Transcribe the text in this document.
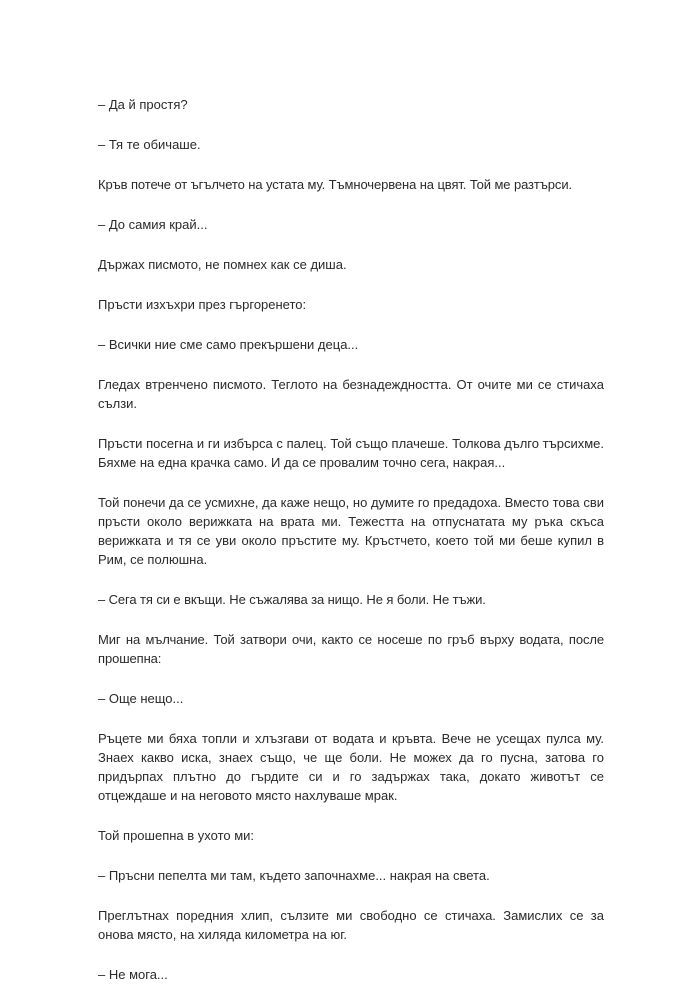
– Да й простя?

– Тя те обичаше.

Кръв потече от ъгълчето на устата му. Тъмночервена на цвят. Той ме разтърси.

– До самия край...

Държах писмото, не помнех как се диша.

Пръсти изхъхри през гъргоренето:

– Всички ние сме само прекършени деца...

Гледах втренчено писмото. Теглото на безнадеждността. От очите ми се стичаха сълзи.

Пръсти посегна и ги избърса с палец. Той също плачеше. Толкова дълго търсихме. Бяхме на една крачка само. И да се провалим точно сега, накрая...

Той понечи да се усмихне, да каже нещо, но думите го предадоха. Вместо това сви пръсти около верижката на врата ми. Тежестта на отпуснатата му ръка скъса верижката и тя се уви около пръстите му. Кръстчето, което той ми беше купил в Рим, се полюшна.

– Сега тя си е вкъщи. Не съжалява за нищо. Не я боли. Не тъжи.

Миг на мълчание. Той затвори очи, както се носеше по гръб върху водата, после прошепна:

– Още нещо...

Ръцете ми бяха топли и хлъзгави от водата и кръвта. Вече не усещах пулса му. Знаех какво иска, знаех също, че ще боли. Не можех да го пусна, затова го придърпах плътно до гърдите си и го задържах така, докато животът се отцеждаше и на неговото място нахлуваше мрак.

Той прошепна в ухото ми:

– Пръсни пепелта ми там, където започнахме... накрая на света.

Преглътнах поредния хлип, сълзите ми свободно се стичаха. Замислих се за онова място, на хиляда километра на юг.

– Не мога...
